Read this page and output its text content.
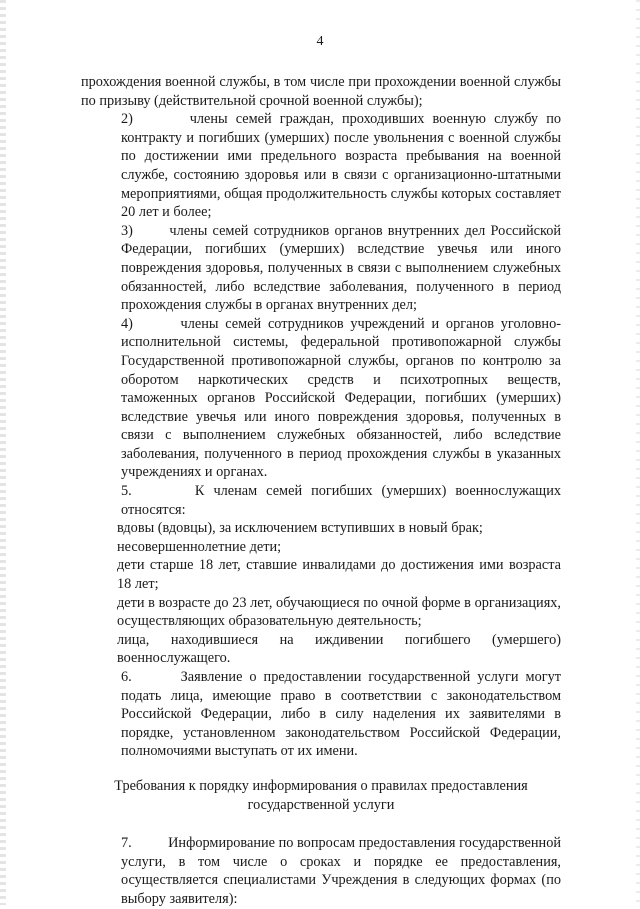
4

прохождения военной службы, в том числе при прохождении военной службы по призыву (действительной срочной военной службы);

2)       члены семей граждан, проходивших военную службу по контракту и погибших (умерших) после увольнения с военной службы по достижении ими предельного возраста пребывания на военной службе, состоянию здоровья или в связи с организационно-штатными мероприятиями, общая продолжительность службы которых составляет 20 лет и более;

3)       члены семей сотрудников органов внутренних дел Российской Федерации, погибших (умерших) вследствие увечья или иного повреждения здоровья, полученных в связи с выполнением служебных обязанностей, либо вследствие заболевания, полученного в период прохождения службы в органах внутренних дел;

4)       члены семей сотрудников учреждений и органов уголовно-исполнительной системы, федеральной противопожарной службы Государственной противопожарной службы, органов по контролю за оборотом наркотических средств и психотропных веществ, таможенных органов Российской Федерации, погибших (умерших) вследствие увечья или иного повреждения здоровья, полученных в связи с выполнением служебных обязанностей, либо вследствие заболевания, полученного в период прохождения службы в указанных учреждениях и органах.

5.       К членам семей погибших (умерших) военнослужащих относятся:

вдовы (вдовцы), за исключением вступивших в новый брак;

несовершеннолетние дети;

дети старше 18 лет, ставшие инвалидами до достижения ими возраста 18 лет;

дети в возрасте до 23 лет, обучающиеся по очной форме в организациях, осуществляющих образовательную деятельность;

лица, находившиеся на иждивении погибшего (умершего) военнослужащего.

6.       Заявление о предоставлении государственной услуги могут подать лица, имеющие право в соответствии с законодательством Российской Федерации, либо в силу наделения их заявителями в порядке, установленном законодательством Российской Федерации, полномочиями выступать от их имени.

Требования к порядку информирования о правилах предоставления

государственной услуги

7.          Информирование по вопросам предоставления государственной услуги, в том числе о сроках и порядке ее предоставления, осуществляется специалистами Учреждения в следующих формах (по выбору заявителя):
